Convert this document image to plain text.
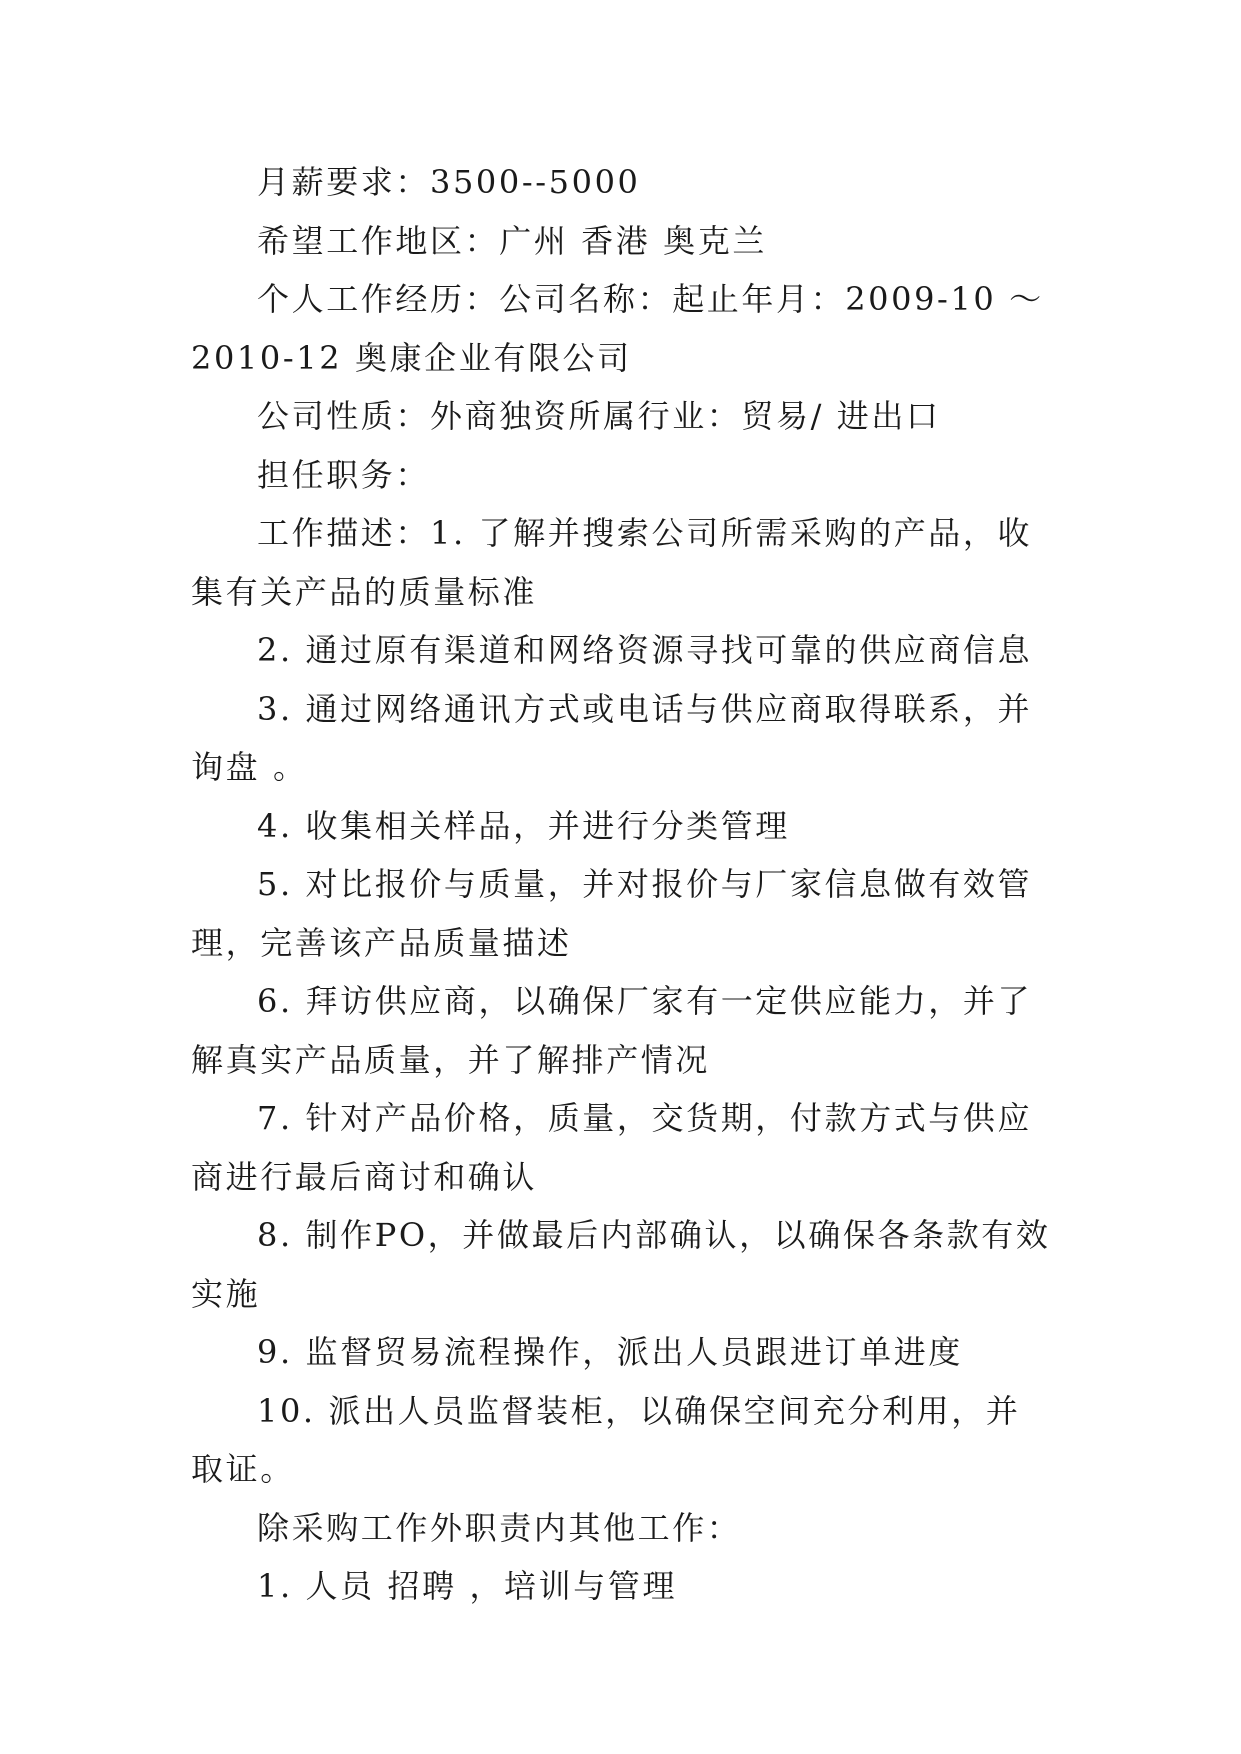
月薪要求：3500--5000

希望工作地区：广州 香港 奥克兰

个人工作经历：公司名称：起止年月：2009-10 ～ 2010-12 奥康企业有限公司

公司性质：外商独资所属行业：贸易/ 进出口

担任职务：

工作描述：1. 了解并搜索公司所需采购的产品，收集有关产品的质量标准

2. 通过原有渠道和网络资源寻找可靠的供应商信息

3. 通过网络通讯方式或电话与供应商取得联系，并 询盘 。

4. 收集相关样品，并进行分类管理

5. 对比报价与质量，并对报价与厂家信息做有效管理，完善该产品质量描述

6. 拜访供应商，以确保厂家有一定供应能力，并了解真实产品质量，并了解排产情况

7. 针对产品价格，质量，交货期，付款方式与供应商进行最后商讨和确认

8. 制作PO，并做最后内部确认，以确保各条款有效实施

9. 监督贸易流程操作，派出人员跟进订单进度

10. 派出人员监督装柜，以确保空间充分利用，并取证。

除采购工作外职责内其他工作：

1. 人员 招聘 ，培训与管理
